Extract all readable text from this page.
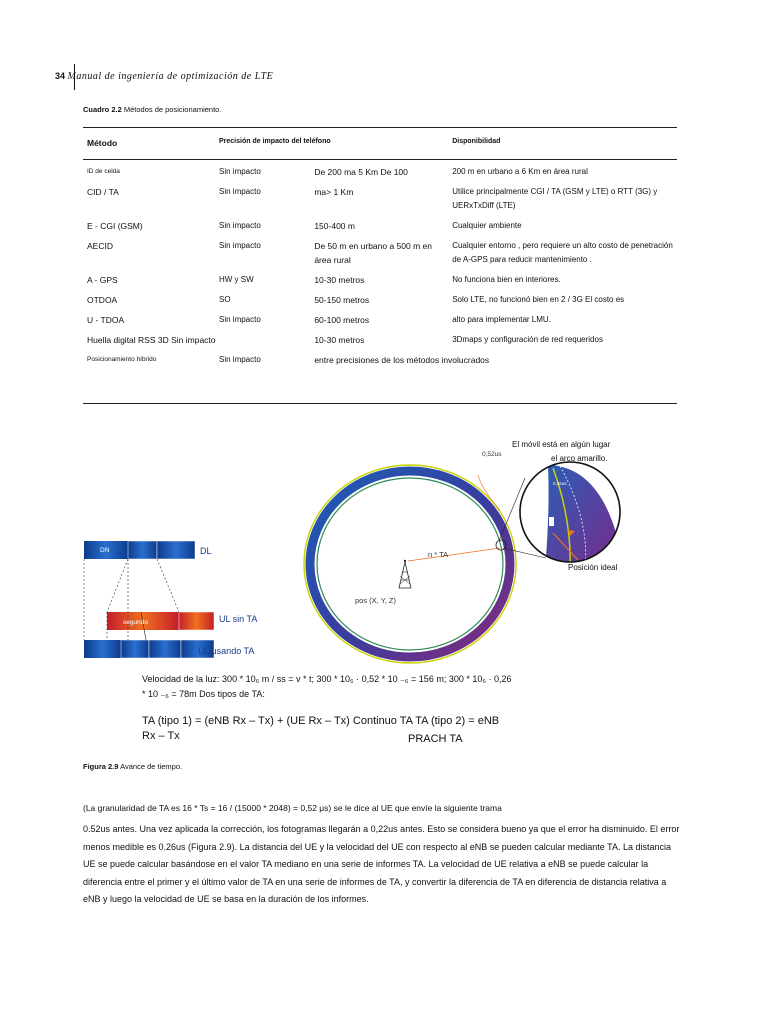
34 Manual de ingeniería de optimización de LTE
Cuadro 2.2 Métodos de posicionamiento.
Método	Precisión de impacto del teléfono		Disponibilidad
ID de celda	Sin impacto	De 200 ma 5 Km De 100	200 m en urbano a 6 Km en área rural
CID / TA	Sin impacto	ma> 1 Km	Utilice principalmente CGI / TA (GSM y LTE) o RTT (3G) y UERxTxDiff (LTE)
E - CGI (GSM)	Sin impacto	150-400 m	Cualquier ambiente
AECID	Sin impacto	De 50 m en urbano a 500 m en área rural	Cualquier entorno , pero requiere un alto costo de penetración de A-GPS para reducir mantenimiento .
A - GPS	HW y SW	10-30 metros	No funciona bien en interiores.
OTDOA	SO	50-150 metros	Solo LTE, no funcionó bien en 2 / 3G El costo es
U - TDOA	Sin impacto	60-100 metros	alto para implementar LMU.
Huella digital RSS 3D Sin impacto		10-30 metros	3Dmaps y configuración de red requeridos
Posicionamiento híbrido	Sin impacto	entre precisiones de los métodos involucrados	
DN	DL
segundo	UL sin TA
UL usando TA
0,52us
n * TA
pos (X, Y, Z)
El móvil está en algún lugar
el arco amarillo.
0,26us
0,26us
Posición ideal
Velocidad de la luz: 300 * 10₆ m / ss = v * t; 300 * 10₆ · 0,52 * 10 ₋₆ = 156 m; 300 * 10₆ · 0,26
* 10 ₋₆ = 78m Dos tipos de TA:
TA (tipo 1) = (eNB Rx – Tx) + (UE Rx – Tx) Continuo TA TA (tipo 2) = eNB
Rx – Tx	PRACH TA
Figura 2.9 Avance de tiempo.
(La granularidad de TA es 16 * Ts = 16 / (15000 * 2048) = 0,52 μs) se le dice al UE que envíe la siguiente trama
0.52us antes. Una vez aplicada la corrección, los fotogramas llegarán a 0,22us antes. Esto se considera bueno ya que el error ha disminuido. El error menos medible es 0.26us (Figura 2.9). La distancia del UE y la velocidad del UE con respecto al eNB se pueden calcular mediante TA. La distancia UE se puede calcular basándose en el valor TA mediano en una serie de informes TA. La velocidad de UE relativa a eNB se puede calcular la diferencia entre el primer y el último valor de TA en una serie de informes de TA, y convertir la diferencia de TA en diferencia de distancia relativa a eNB y luego la velocidad de UE se basa en la duración de los informes.
